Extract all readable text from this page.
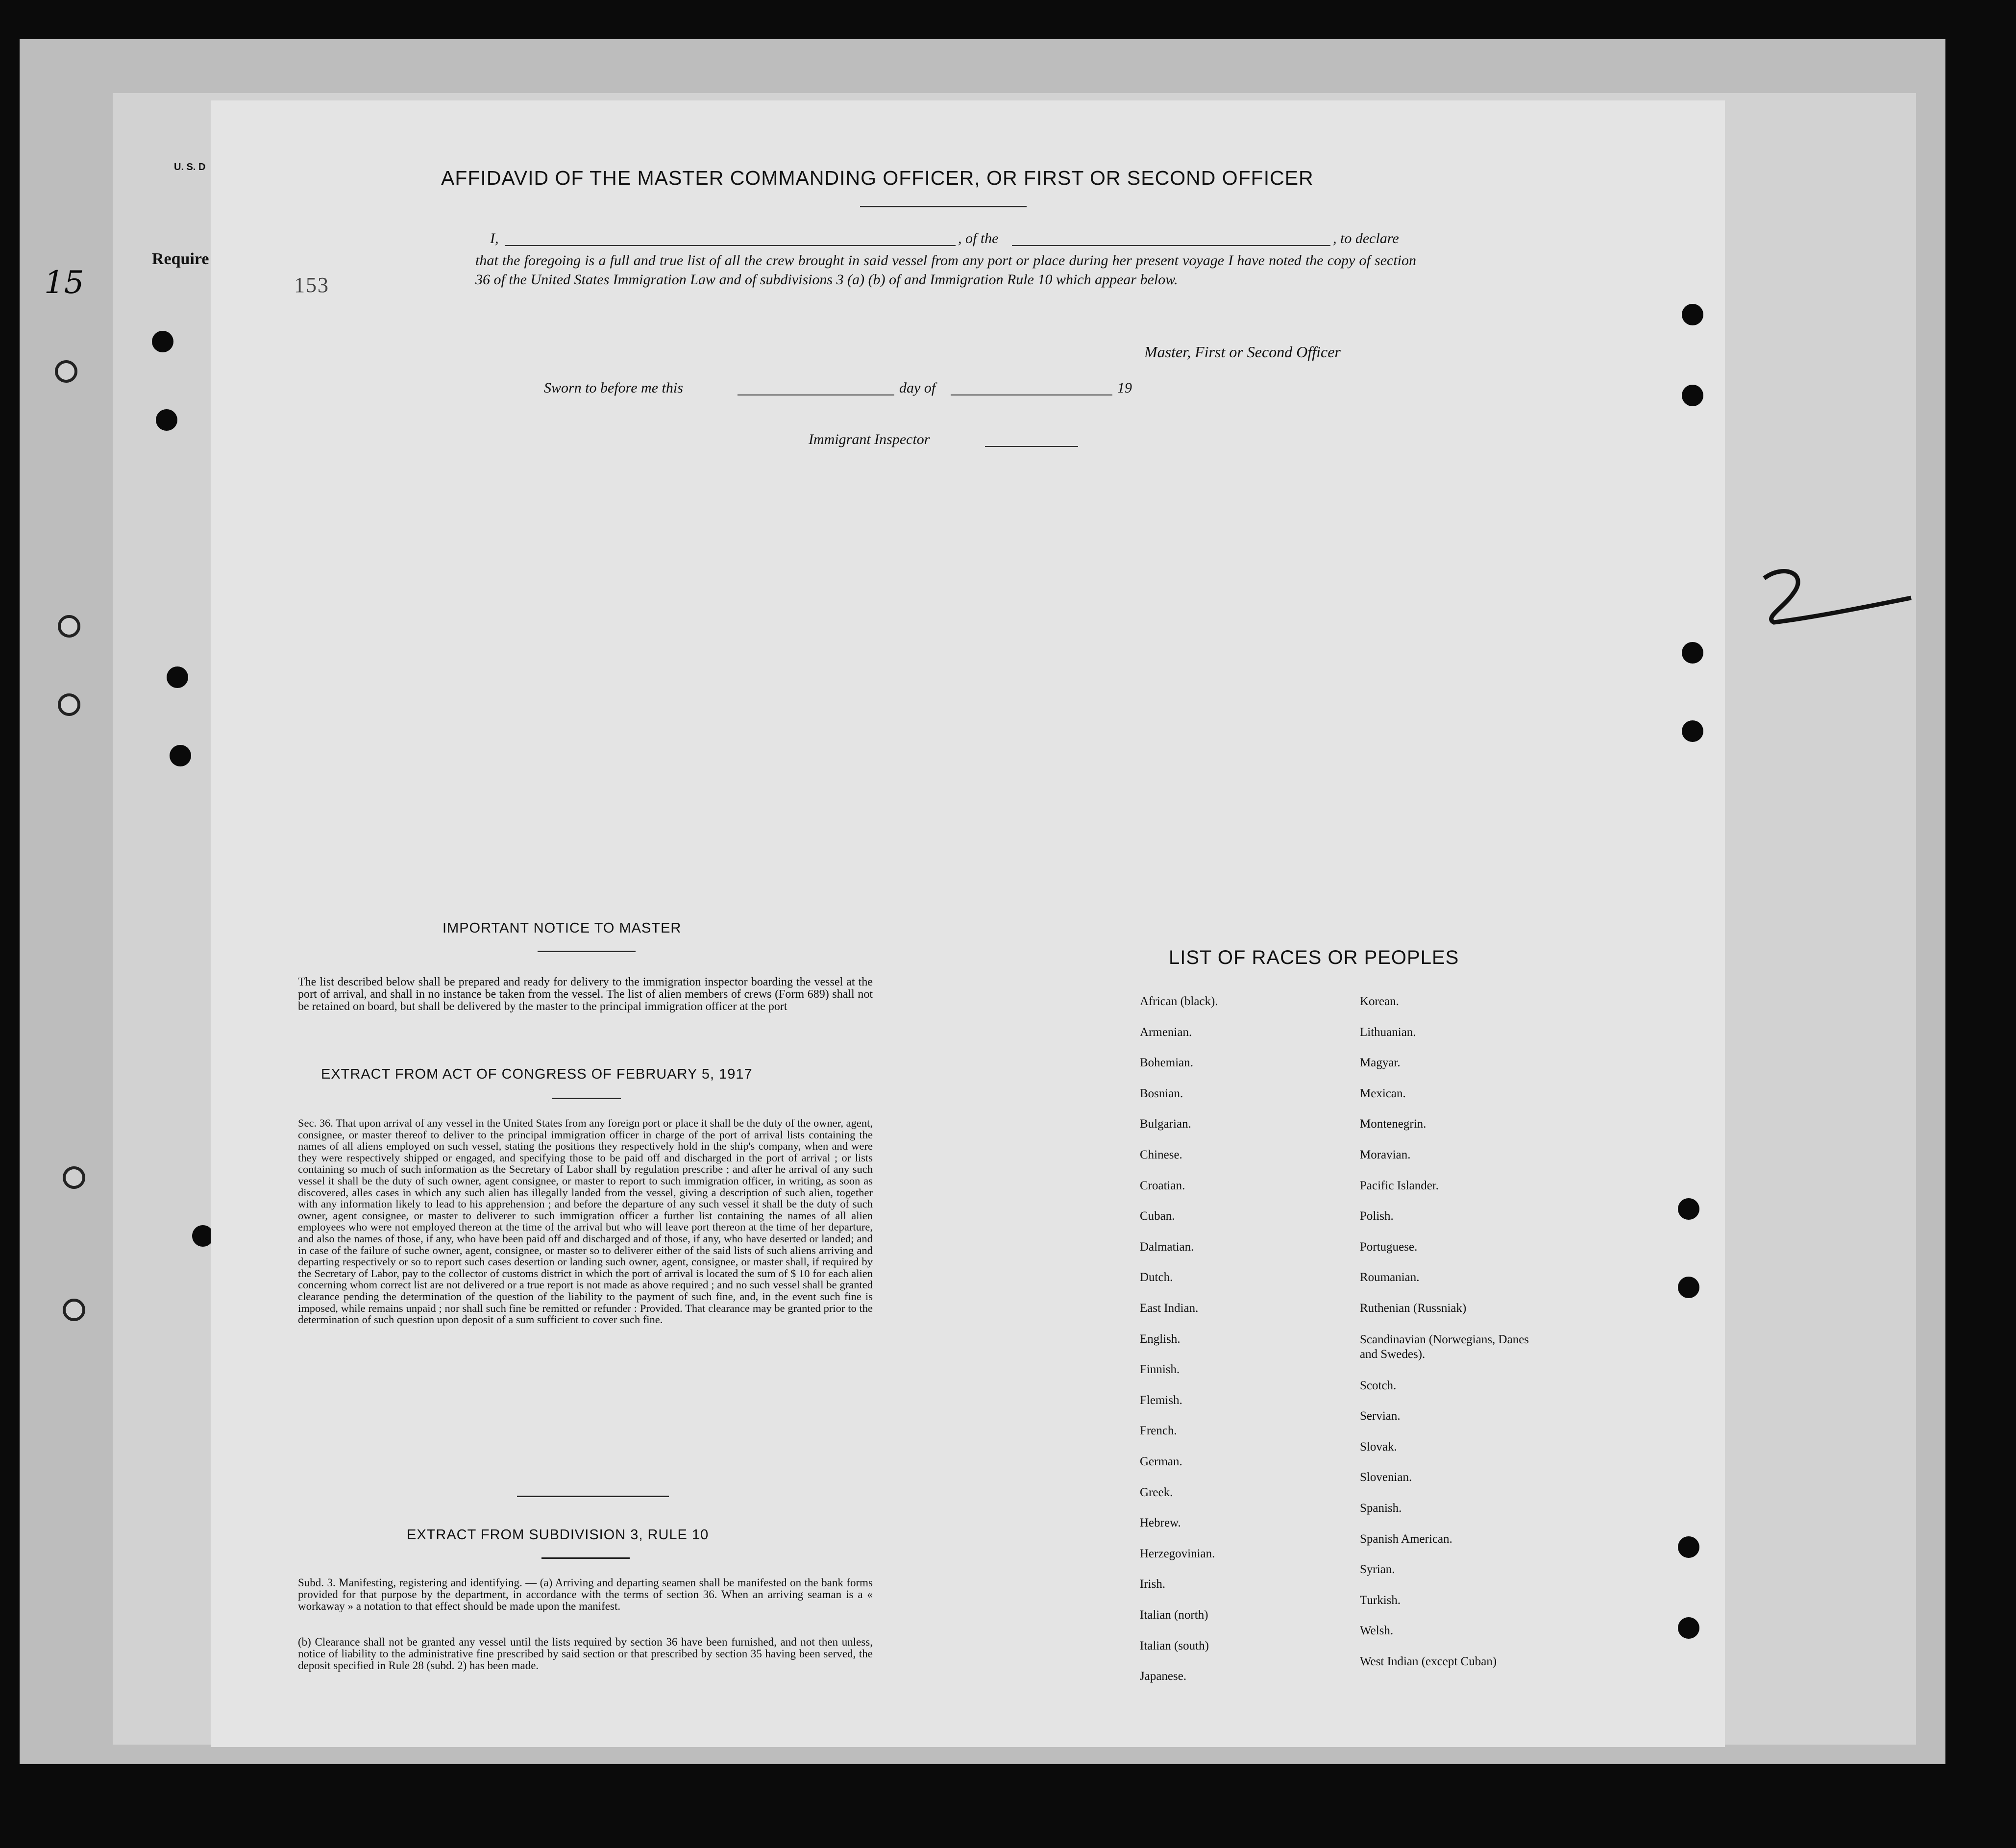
U. S. D
Require
15	153
AFFIDAVID OF THE MASTER COMMANDING OFFICER, OR FIRST OR SECOND OFFICER
I,	, of the	, to declare
that the foregoing is a full and true list of all the crew brought in said vessel from any port or place during her present voyage I have noted the copy of section 36 of the United States Immigration Law and of subdivisions 3 (a) (b) of and Immigration Rule 10 which appear below.
Master, First or Second Officer
Sworn to before me this	day of	19
Immigrant Inspector
IMPORTANT NOTICE TO MASTER
The list described below shall be prepared and ready for delivery to the immigration inspector boarding the vessel at the port of arrival, and shall in no instance be taken from the vessel. The list of alien members of crews (Form 689) shall not be retained on board, but shall be delivered by the master to the principal immigration officer at the port
EXTRACT FROM ACT OF CONGRESS OF FEBRUARY 5, 1917
Sec. 36. That upon arrival of any vessel in the United States from any foreign port or place it shall be the duty of the owner, agent, consignee, or master thereof to deliver to the principal immigration officer in charge of the port of arrival lists containing the names of all aliens employed on such vessel, stating the positions they respectively hold in the ship's company, when and were they were respectively shipped or engaged, and specifying those to be paid off and discharged in the port of arrival ; or lists containing so much of such information as the Secretary of Labor shall by regulation prescribe ; and after he arrival of any such vessel it shall be the duty of such owner, agent consignee, or master to report to such immigration officer, in writing, as soon as discovered, alles cases in which any such alien has illegally landed from the vessel, giving a description of such alien, together with any information likely to lead to his apprehension ; and before the departure of any such vessel it shall be the duty of such owner, agent consignee, or master to deliverer to such immigration officer a further list containing the names of all alien employees who were not employed thereon at the time of the arrival but who will leave port thereon at the time of her departure, and also the names of those, if any, who have been paid off and discharged and of those, if any, who have deserted or landed; and in case of the failure of suche owner, agent, consignee, or master so to deliverer either of the said lists of such aliens arriving and departing respectively or so to report such cases desertion or landing such owner, agent, consignee, or master shall, if required by the Secretary of Labor, pay to the collector of customs district in which the port of arrival is located the sum of $ 10 for each alien concerning whom correct list are not delivered or a true report is not made as above required ; and no such vessel shall be granted clearance pending the determination of the question of the liability to the payment of such fine, and, in the event such fine is imposed, while remains unpaid ; nor shall such fine be remitted or refunder : Provided. That clearance may be granted prior to the determination of such question upon deposit of a sum sufficient to cover such fine.
EXTRACT FROM SUBDIVISION 3, RULE 10
Subd. 3. Manifesting, registering and identifying. — (a) Arriving and departing seamen shall be manifested on the bank forms provided for that purpose by the department, in accordance with the terms of section 36. When an arriving seaman is a « workaway » a notation to that effect should be made upon the manifest.
(b) Clearance shall not be granted any vessel until the lists required by section 36 have been furnished, and not then unless, notice of liability to the administrative fine prescribed by said section or that prescribed by section 35 having been served, the deposit specified in Rule 28 (subd. 2) has been made.
LIST OF RACES OR PEOPLES
African (black).
Armenian.
Bohemian.
Bosnian.
Bulgarian.
Chinese.
Croatian.
Cuban.
Dalmatian.
Dutch.
East Indian.
English.
Finnish.
Flemish.
French.
German.
Greek.
Hebrew.
Herzegovinian.
Irish.
Italian (north)
Italian (south)
Japanese.
Korean.
Lithuanian.
Magyar.
Mexican.
Montenegrin.
Moravian.
Pacific Islander.
Polish.
Portuguese.
Roumanian.
Ruthenian (Russniak)
Scandinavian (Norwegians, Danes and Swedes).
Scotch.
Servian.
Slovak.
Slovenian.
Spanish.
Spanish American.
Syrian.
Turkish.
Welsh.
West Indian (except Cuban)
